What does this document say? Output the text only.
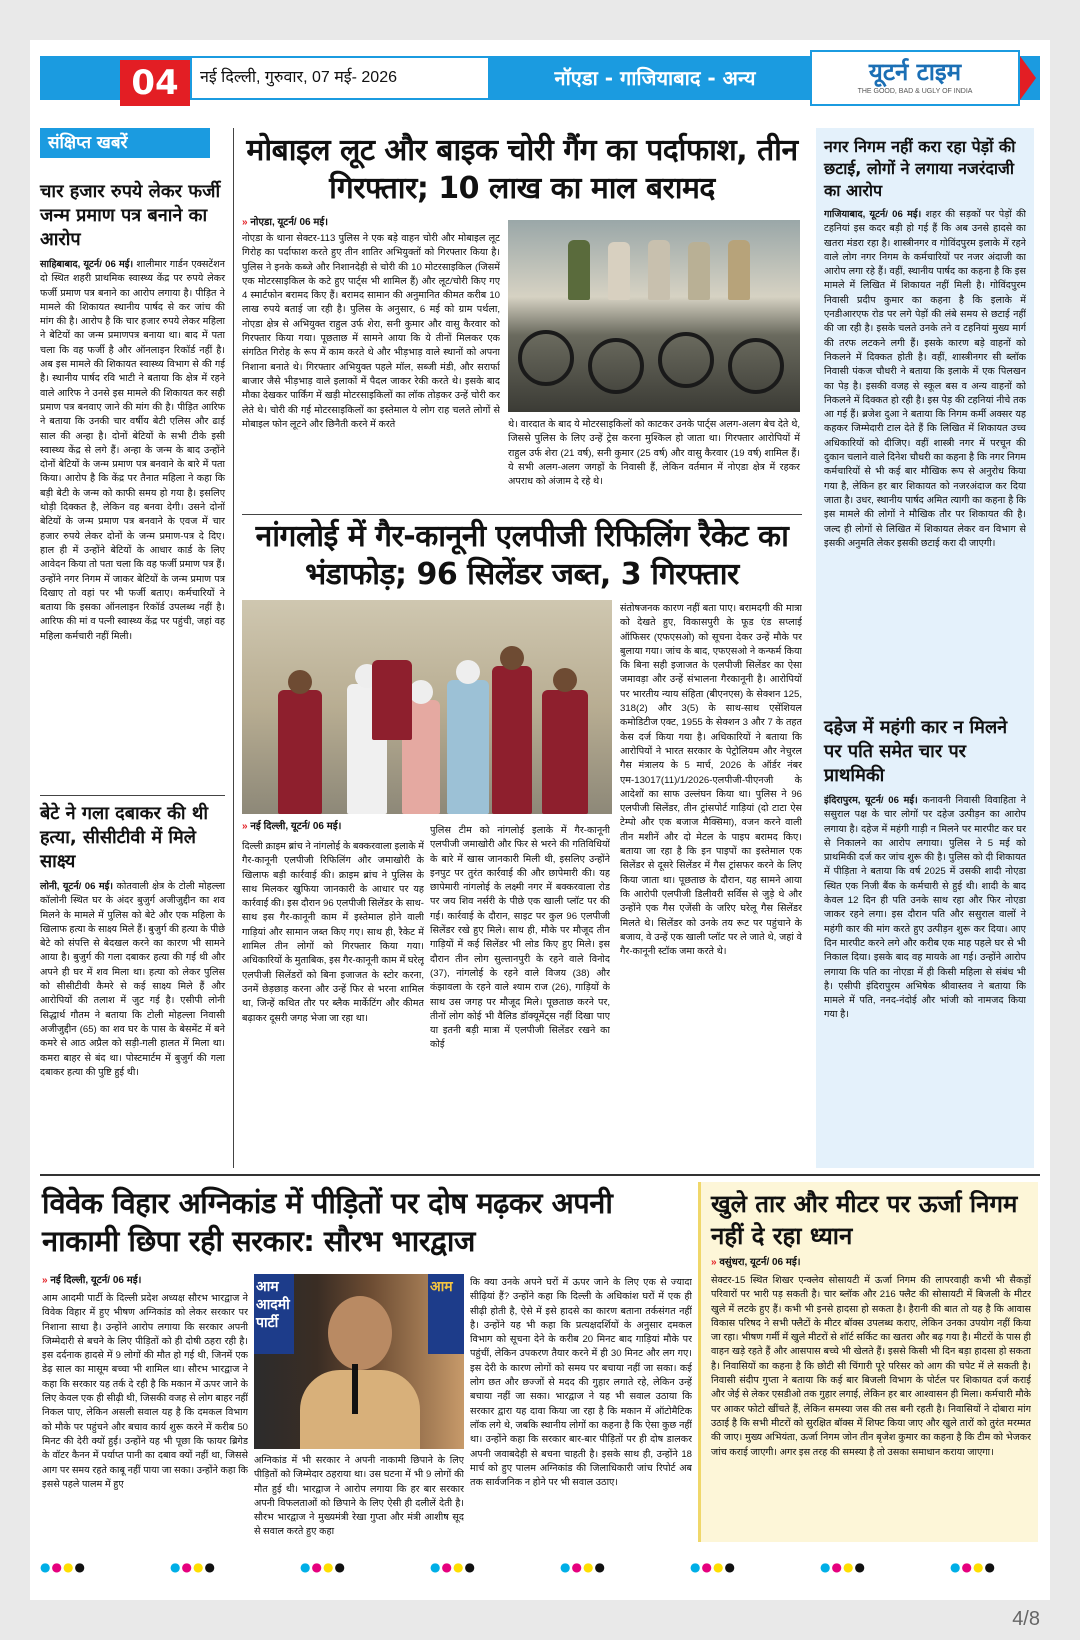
04	नई दिल्ली, गुरुवार, 07 मई- 2026	नॉएडा - गाजियाबाद - अन्य	यूटर्न टाइम
THE GOOD, BAD & UGLY OF INDIA
संक्षिप्त खबरें
चार हजार रुपये लेकर फर्जी जन्म प्रमाण पत्र बनाने का आरोप
साहिबाबाद, यूटर्न/ 06 मई। शालीमार गार्डन एक्सटेंशन दो स्थित शहरी प्राथमिक स्वास्थ्य केंद्र पर रुपये लेकर फर्जी प्रमाण पत्र बनाने का आरोप लगाया है। पीड़ित ने मामले की शिकायत स्थानीय पार्षद से कर जांच की मांग की है। आरोप है कि चार हजार रुपये लेकर महिला ने बेटियों का जन्म प्रमाणपत्र बनाया था। बाद में पता चला कि वह फर्जी है और ऑनलाइन रिकॉर्ड नहीं है। अब इस मामले की शिकायत स्वास्थ्य विभाग से की गई है। स्थानीय पार्षद रवि भाटी ने बताया कि क्षेत्र में रहने वाले आरिफ ने उनसे इस मामले की शिकायत कर सही प्रमाण पत्र बनवाए जाने की मांग की है। पीड़ित आरिफ ने बताया कि उनकी चार वर्षीय बेटी एलिस और ढाई साल की अन्हा है। दोनों बेटियों के सभी टीके इसी स्वास्थ्य केंद्र से लगे हैं। अन्हा के जन्म के बाद उन्होंने दोनों बेटियों के जन्म प्रमाण पत्र बनवाने के बारे में पता किया। आरोप है कि केंद्र पर तैनात महिला ने कहा कि बड़ी बेटी के जन्म को काफी समय हो गया है। इसलिए थोड़ी दिक्कत है, लेकिन वह बनवा देगी। उसने दोनों बेटियों के जन्म प्रमाण पत्र बनवाने के एवज में चार हजार रुपये लेकर दोनों के जन्म प्रमाण-पत्र दे दिए। हाल ही में उन्होंने बेटियों के आधार कार्ड के लिए आवेदन किया तो पता चला कि वह फर्जी प्रमाण पत्र हैं। उन्होंने नगर निगम में जाकर बेटियों के जन्म प्रमाण पत्र दिखाए तो वहां पर भी फर्जी बताए। कर्मचारियों ने बताया कि इसका ऑनलाइन रिकॉर्ड उपलब्ध नहीं है। आरिफ की मां व पत्नी स्वास्थ्य केंद्र पर पहुंची, जहां वह महिला कर्मचारी नहीं मिली।
बेटे ने गला दबाकर की थी हत्या, सीसीटीवी में मिले साक्ष्य
लोनी, यूटर्न/ 06 मई। कोतवाली क्षेत्र के टोली मोहल्ला कॉलोनी स्थित घर के अंदर बुजुर्ग अजीजुद्दीन का शव मिलने के मामले में पुलिस को बेटे और एक महिला के खिलाफ हत्या के साक्ष्य मिले हैं। बुजुर्ग की हत्या के पीछे बेटे को संपत्ति से बेदखल करने का कारण भी सामने आया है। बुजुर्ग की गला दबाकर हत्या की गई थी और अपने ही घर में शव मिला था। हत्या को लेकर पुलिस को सीसीटीवी कैमरे से कई साक्ष्य मिले हैं और आरोपियों की तलाश में जुट गई है। एसीपी लोनी सिद्धार्थ गौतम ने बताया कि टोली मोहल्ला निवासी अजीजुद्दीन (65) का शव घर के पास के बेसमेंट में बने कमरे से आठ अप्रैल को सड़ी-गली हालत में मिला था। कमरा बाहर से बंद था। पोस्टमार्टम में बुजुर्ग की गला दबाकर हत्या की पुष्टि हुई थी।
मोबाइल लूट और बाइक चोरी गैंग का पर्दाफाश, तीन गिरफ्तार; 10 लाख का माल बरामद
» नोएडा, यूटर्न/ 06 मई।
नोएडा के थाना सेक्टर-113 पुलिस ने एक बड़े वाहन चोरी और मोबाइल लूट गिरोह का पर्दाफाश करते हुए तीन शातिर अभियुक्तों को गिरफ्तार किया है। पुलिस ने इनके कब्जे और निशानदेही से चोरी की 10 मोटरसाइकिल (जिसमें एक मोटरसाइकिल के कटे हुए पार्ट्स भी शामिल हैं) और लूट/चोरी किए गए 4 स्मार्टफोन बरामद किए हैं। बरामद सामान की अनुमानित कीमत करीब 10 लाख रुपये बताई जा रही है। पुलिस के अनुसार, 6 मई को ग्राम पर्थला, नोएडा क्षेत्र से अभियुक्त राहुल उर्फ शेरा, सनी कुमार और वासु कैरवार को गिरफ्तार किया गया। पूछताछ में सामने आया कि ये तीनों मिलकर एक संगठित गिरोह के रूप में काम करते थे और भीड़भाड़ वाले स्थानों को अपना निशाना बनाते थे। गिरफ्तार अभियुक्त पहले मॉल, सब्जी मंडी, और सरार्फा बाजार जैसे भीड़भाड़ वाले इलाकों में पैदल जाकर रेकी करते थे। इसके बाद मौका देखकर पार्किंग में खड़ी मोटरसाइकिलों का लॉक तोड़कर उन्हें चोरी कर लेते थे। चोरी की गई मोटरसाइकिलों का इस्तेमाल ये लोग राह चलते लोगों से मोबाइल फोन लूटने और छिनैती करने में करते	थे। वारदात के बाद ये मोटरसाइकिलों को काटकर उनके पार्ट्स अलग-अलग बेच देते थे, जिससे पुलिस के लिए उन्हें ट्रेस करना मुश्किल हो जाता था। गिरफ्तार आरोपियों में राहुल उर्फ शेरा (21 वर्ष), सनी कुमार (25 वर्ष) और वासु कैरवार (19 वर्ष) शामिल हैं। ये सभी अलग-अलग जगहों के निवासी हैं, लेकिन वर्तमान में नोएडा क्षेत्र में रहकर अपराध को अंजाम दे रहे थे।
नांगलोई में गैर-कानूनी एलपीजी रिफिलिंग रैकेट का भंडाफोड़; 96 सिलेंडर जब्त, 3 गिरफ्तार
» नई दिल्ली, यूटर्न/ 06 मई।
दिल्ली क्राइम ब्रांच ने नांगलोई के बक्करवाला इलाके में गैर-कानूनी एलपीजी रिफिलिंग और जमाखोरी के खिलाफ बड़ी कार्रवाई की। क्राइम ब्रांच ने पुलिस के साथ मिलकर खुफिया जानकारी के आधार पर यह कार्रवाई की। इस दौरान 96 एलपीजी सिलेंडर के साथ-साथ इस गैर-कानूनी काम में इस्तेमाल होने वाली गाड़ियां और सामान जब्त किए गए। साथ ही, रैकेट में शामिल तीन लोगों को गिरफ्तार किया गया। अधिकारियों के मुताबिक, इस गैर-कानूनी काम में घरेलू एलपीजी सिलेंडरों को बिना इजाजत के स्टोर करना, उनमें छेड़छाड़ करना और उन्हें फिर से भरना शामिल था, जिन्हें कथित तौर पर ब्लैक मार्केटिंग और कीमत बढ़ाकर दूसरी जगह भेजा जा रहा था।
पुलिस टीम को नांगलोई इलाके में गैर-कानूनी एलपीजी जमाखोरी और फिर से भरने की गतिविधियों के बारे में खास जानकारी मिली थी, इसलिए उन्होंने इनपुट पर तुरंत कार्रवाई की और छापेमारी की। यह छापेमारी नांगलोई के लक्ष्मी नगर में बक्करवाला रोड पर जय शिव नर्सरी के पीछे एक खाली प्लॉट पर की गई। कार्रवाई के दौरान, साइट पर कुल 96 एलपीजी सिलेंडर रखे हुए मिले। साथ ही, मौके पर मौजूद तीन गाड़ियों में कई सिलेंडर भी लोड किए हुए मिले। इस दौरान तीन लोग सुल्तानपुरी के रहने वाले विनोद (37), नांगलोई के रहने वाले विजय (38) और कंझावला के रहने वाले श्याम राज (26), गाड़ियों के साथ उस जगह पर मौजूद मिले। पूछताछ करने पर, तीनों लोग कोई भी वैलिड डॉक्यूमेंट्स नहीं दिखा पाए या इतनी बड़ी मात्रा में एलपीजी सिलेंडर रखने का कोई
संतोषजनक कारण नहीं बता पाए। बरामदगी की मात्रा को देखते हुए, विकासपुरी के फूड एंड सप्लाई ऑफिसर (एफएसओ) को सूचना देकर उन्हें मौके पर बुलाया गया। जांच के बाद, एफएसओ ने कन्फर्म किया कि बिना सही इजाजत के एलपीजी सिलेंडर का ऐसा जमावड़ा और उन्हें संभालना गैरकानूनी है। आरोपियों पर भारतीय न्याय संहिता (बीएनएस) के सेक्शन 125, 318(2) और 3(5) के साथ-साथ एसेंशियल कमोडिटीज एक्ट, 1955 के सेक्शन 3 और 7 के तहत केस दर्ज किया गया है। अधिकारियों ने बताया कि आरोपियों ने भारत सरकार के पेट्रोलियम और नेचुरल गैस मंत्रालय के 5 मार्च, 2026 के ऑर्डर नंबर एम-13017(11)/1/2026-एलपीजी-पीएनजी के आदेशों का साफ उल्लंघन किया था। पुलिस ने 96 एलपीजी सिलेंडर, तीन ट्रांसपोर्ट गाड़ियां (दो टाटा ऐस टेम्पो और एक बजाज मैक्सिमा), वजन करने वाली तीन मशीनें और दो मेटल के पाइप बरामद किए। बताया जा रहा है कि इन पाइपों का इस्तेमाल एक सिलेंडर से दूसरे सिलेंडर में गैस ट्रांसफर करने के लिए किया जाता था। पूछताछ के दौरान, यह सामने आया कि आरोपी एलपीजी डिलीवरी सर्विस से जुड़े थे और उन्होंने एक गैस एजेंसी के जरिए घरेलू गैस सिलेंडर मिलते थे। सिलेंडर को उनके तय रूट पर पहुंचाने के बजाय, वे उन्हें एक खाली प्लॉट पर ले जाते थे, जहां वे गैर-कानूनी स्टॉक जमा करते थे।
नगर निगम नहीं करा रहा पेड़ों की छटाई, लोगों ने लगाया नजरंदाजी का आरोप
गाजियाबाद, यूटर्न/ 06 मई। शहर की सड़कों पर पेड़ों की टहनियां इस कदर बड़ी हो गई हैं कि अब उनसे हादसे का खतरा मंडरा रहा है। शास्त्रीनगर व गोविंदपुरम इलाके में रहने वाले लोग नगर निगम के कर्मचारियों पर नजर अंदाजी का आरोप लगा रहे हैं। वहीं, स्थानीय पार्षद का कहना है कि इस मामले में लिखित में शिकायत नहीं मिली है। गोविंदपुरम निवासी प्रदीप कुमार का कहना है कि इलाके में एनडीआरएफ रोड पर लगे पेड़ों की लंबे समय से छटाई नहीं की जा रही है। इसके चलते उनके तने व टहनियां मुख्य मार्ग की तरफ लटकने लगी हैं। इसके कारण बड़े वाहनों को निकलने में दिक्कत होती है। वहीं, शास्त्रीनगर सी ब्लॉक निवासी पंकज चौधरी ने बताया कि इलाके में एक पिलखन का पेड़ है। इसकी वजह से स्कूल बस व अन्य वाहनों को निकलने में दिक्कत हो रही है। इस पेड़ की टहनियां नीचे तक आ गई हैं। ब्रजेश दुआ ने बताया कि निगम कर्मी अक्सर यह कहकर जिम्मेदारी टाल देते हैं कि लिखित में शिकायत उच्च अधिकारियों को दीजिए। वहीं शास्त्री नगर में परचून की दुकान चलाने वाले दिनेश चौधरी का कहना है कि नगर निगम कर्मचारियों से भी कई बार मौखिक रूप से अनुरोध किया गया है, लेकिन हर बार शिकायत को नजरअंदाज कर दिया जाता है। उधर, स्थानीय पार्षद अमित त्यागी का कहना है कि इस मामले की लोगों ने मौखिक तौर पर शिकायत की है। जल्द ही लोगों से लिखित में शिकायत लेकर वन विभाग से इसकी अनुमति लेकर इसकी छटाई करा दी जाएगी।
दहेज में महंगी कार न मिलने पर पति समेत चार पर प्राथमिकी
इंदिरापुरम, यूटर्न/ 06 मई। कनावनी निवासी विवाहिता ने ससुराल पक्ष के चार लोगों पर दहेज उत्पीड़न का आरोप लगाया है। दहेज में महंगी गाड़ी न मिलने पर मारपीट कर घर से निकालने का आरोप लगाया। पुलिस ने 5 मई को प्राथमिकी दर्ज कर जांच शुरू की है। पुलिस को दी शिकायत में पीड़िता ने बताया कि वर्ष 2025 में उसकी शादी नोएडा स्थित एक निजी बैंक के कर्मचारी से हुई थी। शादी के बाद केवल 12 दिन ही पति उनके साथ रहा और फिर नोएडा जाकर रहने लगा। इस दौरान पति और ससुराल वालों ने महंगी कार की मांग करते हुए उत्पीड़न शुरू कर दिया। आए दिन मारपीट करने लगे और करीब एक माह पहले घर से भी निकाल दिया। इसके बाद वह मायके आ गई। उन्होंने आरोप लगाया कि पति का नोएडा में ही किसी महिला से संबंध भी है। एसीपी इंदिरापुरम अभिषेक श्रीवास्तव ने बताया कि मामले में पति, ननद-नंदोई और भांजी को नामजद किया गया है।
विवेक विहार अग्निकांड में पीड़ितों पर दोष मढ़कर अपनी नाकामी छिपा रही सरकार: सौरभ भारद्वाज
» नई दिल्ली, यूटर्न/ 06 मई।
आम आदमी पार्टी के दिल्ली प्रदेश अध्यक्ष सौरभ भारद्वाज ने विवेक विहार में हुए भीषण अग्निकांड को लेकर सरकार पर निशाना साधा है। उन्होंने आरोप लगाया कि सरकार अपनी जिम्मेदारी से बचने के लिए पीड़ितों को ही दोषी ठहरा रही है। इस दर्दनाक हादसे में 9 लोगों की मौत हो गई थी, जिनमें एक डेढ़ साल का मासूम बच्चा भी शामिल था। सौरभ भारद्वाज ने कहा कि सरकार यह तर्क दे रही है कि मकान में ऊपर जाने के लिए केवल एक ही सीढ़ी थी, जिसकी वजह से लोग बाहर नहीं निकल पाए, लेकिन असली सवाल यह है कि दमकल विभाग को मौके पर पहुंचने और बचाव कार्य शुरू करने में करीब 50 मिनट की देरी क्यों हुई। उन्होंने यह भी पूछा कि फायर ब्रिगेड के वॉटर कैनन में पर्याप्त पानी का दबाव क्यों नहीं था, जिससे आग पर समय रहते काबू नहीं पाया जा सका। उन्होंने कहा कि इससे पहले पालम में हुए
आम आदमी पार्टी
आम
अग्निकांड में भी सरकार ने अपनी नाकामी छिपाने के लिए पीड़ितों को जिम्मेदार ठहराया था। उस घटना में भी 9 लोगों की मौत हुई थी। भारद्वाज ने आरोप लगाया कि हर बार सरकार अपनी विफलताओं को छिपाने के लिए ऐसी ही दलीलें देती है। सौरभ भारद्वाज ने मुख्यमंत्री रेखा गुप्ता और मंत्री आशीष सूद से सवाल करते हुए कहा
कि क्या उनके अपने घरों में ऊपर जाने के लिए एक से ज्यादा सीढ़ियां हैं? उन्होंने कहा कि दिल्ली के अधिकांश घरों में एक ही सीढ़ी होती है, ऐसे में इसे हादसे का कारण बताना तर्कसंगत नहीं है। उन्होंने यह भी कहा कि प्रत्यक्षदर्शियों के अनुसार दमकल विभाग को सूचना देने के करीब 20 मिनट बाद गाड़ियां मौके पर पहुंचीं, लेकिन उपकरण तैयार करने में ही 30 मिनट और लग गए। इस देरी के कारण लोगों को समय पर बचाया नहीं जा सका। कई लोग छत और छज्जों से मदद की गुहार लगाते रहे, लेकिन उन्हें बचाया नहीं जा सका। भारद्वाज ने यह भी सवाल उठाया कि सरकार द्वारा यह दावा किया जा रहा है कि मकान में ऑटोमैटिक लॉक लगे थे, जबकि स्थानीय लोगों का कहना है कि ऐसा कुछ नहीं था। उन्होंने कहा कि सरकार बार-बार पीड़ितों पर ही दोष डालकर अपनी जवाबदेही से बचना चाहती है। इसके साथ ही, उन्होंने 18 मार्च को हुए पालम अग्निकांड की जिलाधिकारी जांच रिपोर्ट अब तक सार्वजनिक न होने पर भी सवाल उठाए।
खुले तार और मीटर पर ऊर्जा निगम नहीं दे रहा ध्यान
» वसुंधरा, यूटर्न/ 06 मई।
सेक्टर-15 स्थित शिखर एन्क्लेव सोसायटी में ऊर्जा निगम की लापरवाही कभी भी सैकड़ों परिवारों पर भारी पड़ सकती है। चार ब्लॉक और 216 फ्लैट की सोसायटी में बिजली के मीटर खुले में लटके हुए हैं। कभी भी इनसे हादसा हो सकता है। हैरानी की बात तो यह है कि आवास विकास परिषद ने सभी फ्लैटों के मीटर बॉक्स उपलब्ध कराए, लेकिन उनका उपयोग नहीं किया जा रहा। भीषण गर्मी में खुले मीटरों से शॉर्ट सर्किट का खतरा और बढ़ गया है। मीटरों के पास ही वाहन खड़े रहते हैं और आसपास बच्चे भी खेलते हैं। इससे किसी भी दिन बड़ा हादसा हो सकता है। निवासियों का कहना है कि छोटी सी चिंगारी पूरे परिसर को आग की चपेट में ले सकती है। निवासी संदीप गुप्ता ने बताया कि कई बार बिजली विभाग के पोर्टल पर शिकायत दर्ज कराई और जेई से लेकर एसडीओ तक गुहार लगाई, लेकिन हर बार आश्वासन ही मिला। कर्मचारी मौके पर आकर फोटो खींचते हैं, लेकिन समस्या जस की तस बनी रहती है। निवासियों ने दोबारा मांग उठाई है कि सभी मीटरों को सुरक्षित बॉक्स में शिफ्ट किया जाए और खुले तारों को तुरंत मरम्मत की जाए। मुख्य अभियंता, ऊर्जा निगम जोन तीन बृजेश कुमार का कहना है कि टीम को भेजकर जांच कराई जाएगी। अगर इस तरह की समस्या है तो उसका समाधान कराया जाएगा।
●●●●	●●●●	●●●●	●●●●	●●●●	●●●●	●●●●	●●●●
4/8
